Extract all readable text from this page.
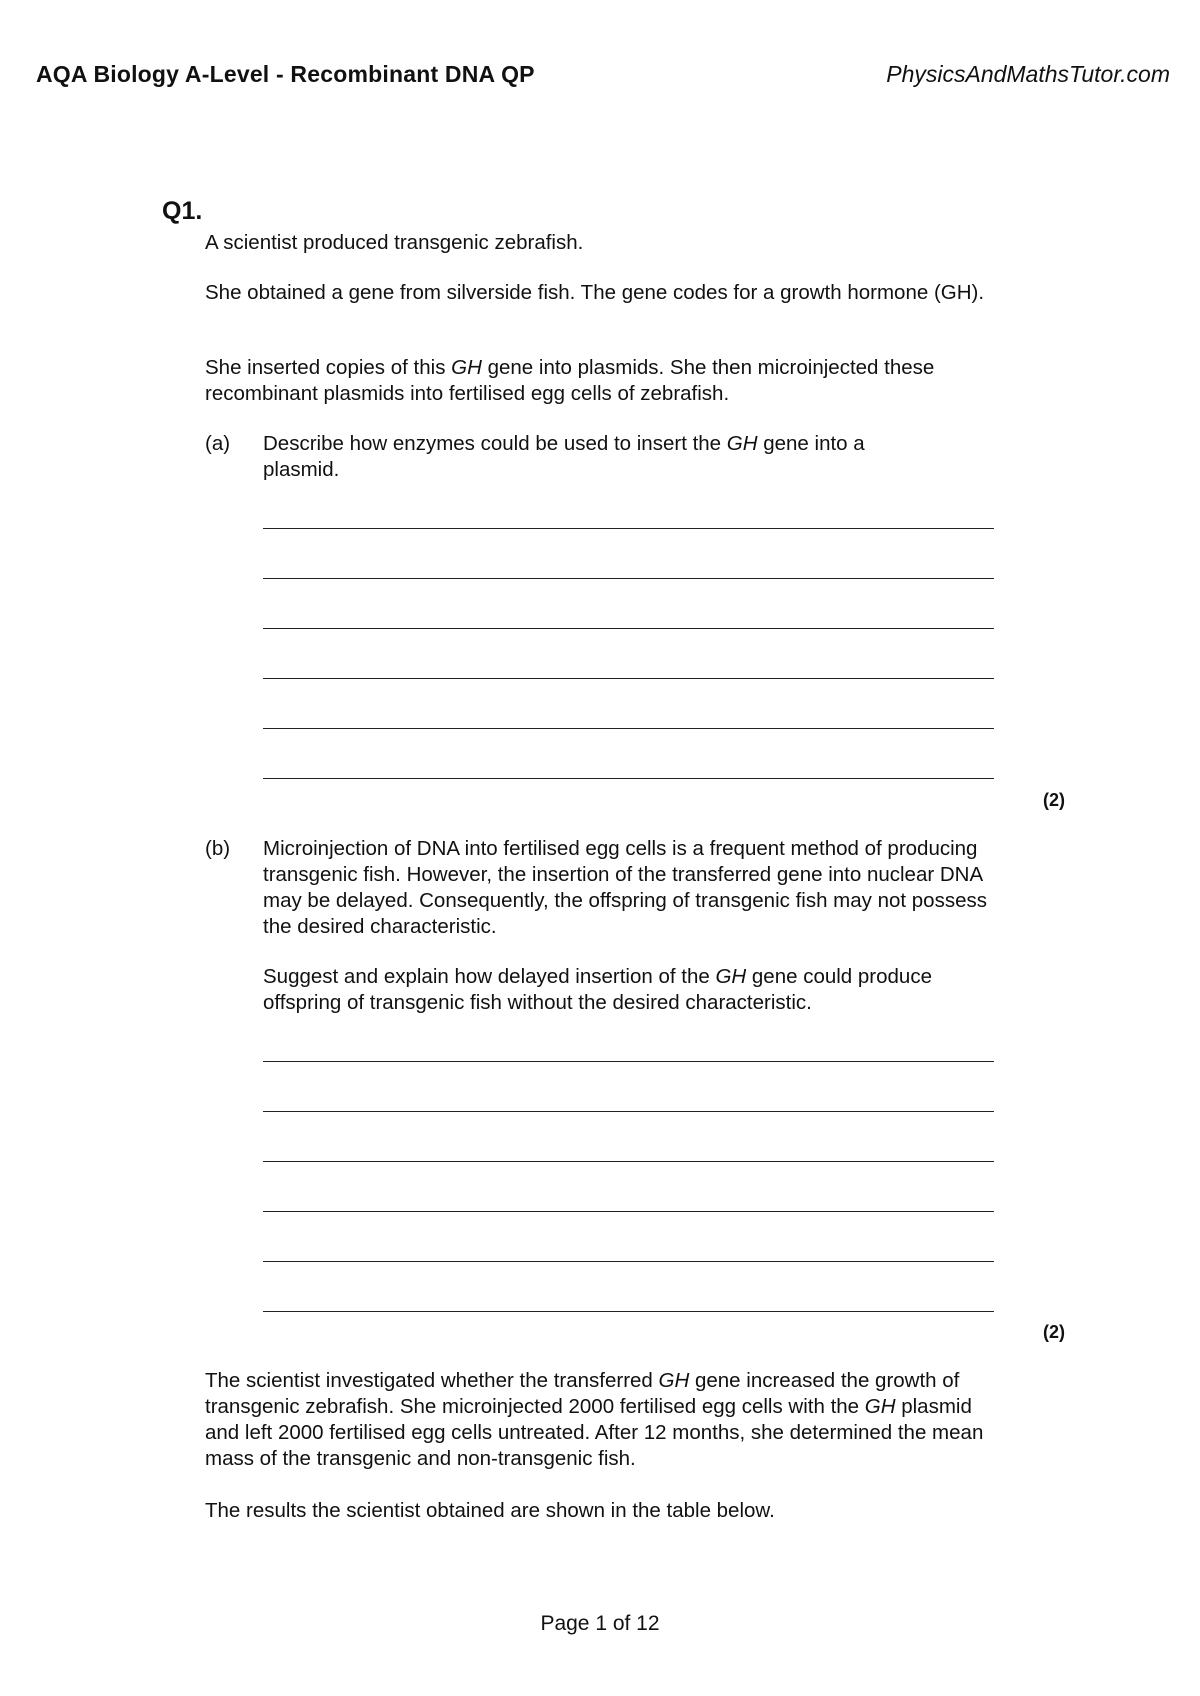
AQA Biology A-Level - Recombinant DNA QP	PhysicsAndMathsTutor.com
Q1.
A scientist produced transgenic zebrafish.
She obtained a gene from silverside fish. The gene codes for a growth hormone (GH).
She inserted copies of this GH gene into plasmids. She then microinjected these recombinant plasmids into fertilised egg cells of zebrafish.
(a) Describe how enzymes could be used to insert the GH gene into a plasmid.
(2)
(b) Microinjection of DNA into fertilised egg cells is a frequent method of producing transgenic fish. However, the insertion of the transferred gene into nuclear DNA may be delayed. Consequently, the offspring of transgenic fish may not possess the desired characteristic.
Suggest and explain how delayed insertion of the GH gene could produce offspring of transgenic fish without the desired characteristic.
(2)
The scientist investigated whether the transferred GH gene increased the growth of transgenic zebrafish. She microinjected 2000 fertilised egg cells with the GH plasmid and left 2000 fertilised egg cells untreated. After 12 months, she determined the mean mass of the transgenic and non-transgenic fish.
The results the scientist obtained are shown in the table below.
Page 1 of 12
